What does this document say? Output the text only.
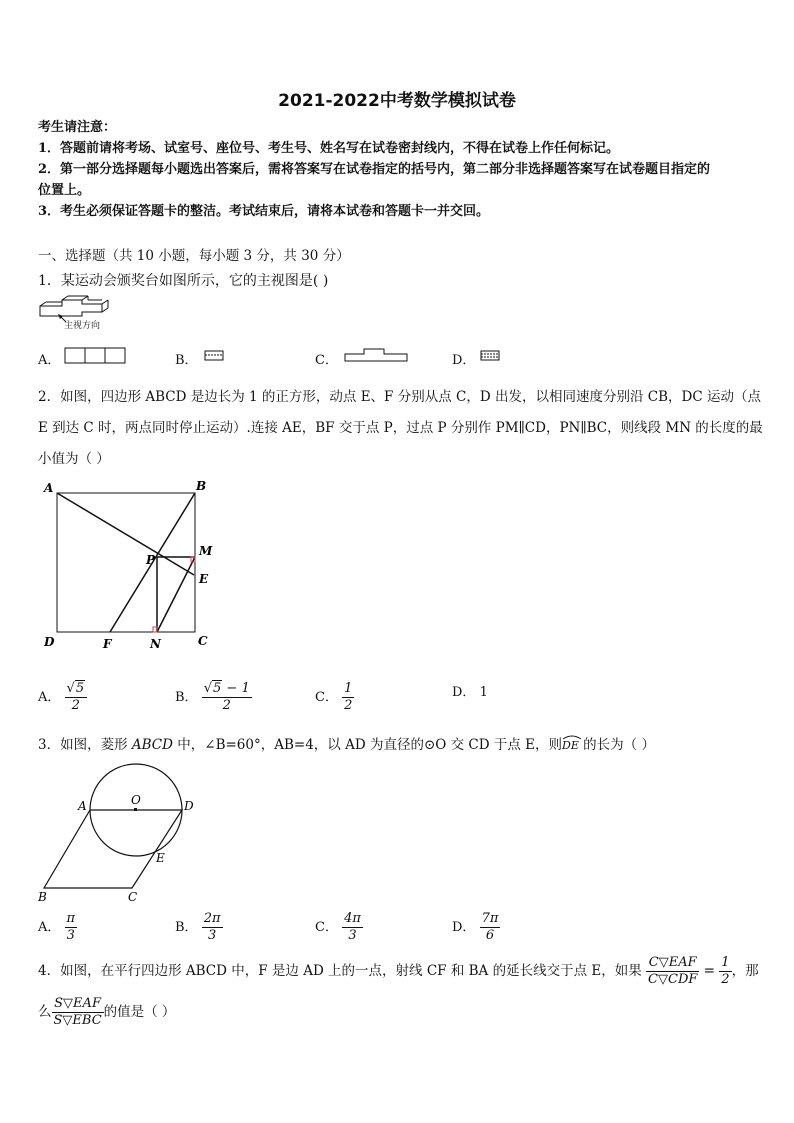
2021-2022中考数学模拟试卷
考生请注意：
1．答题前请将考场、试室号、座位号、考生号、姓名写在试卷密封线内，不得在试卷上作任何标记。
2．第一部分选择题每小题选出答案后，需将答案写在试卷指定的括号内，第二部分非选择题答案写在试卷题目指定的
位置上。
3．考生必须保证答题卡的整洁。考试结束后，请将本试卷和答题卡一并交回。
一、选择题（共 10 小题，每小题 3 分，共 30 分）
1．某运动会颁奖台如图所示，它的主视图是( )
主视方向
A．	B．	C．	D．
2．如图，四边形 ABCD 是边长为 1 的正方形，动点 E、F 分别从点 C，D 出发，以相同速度分别沿 CB，DC 运动（点
E 到达 C 时，两点同时停止运动）.连接 AE，BF 交于点 P，过点 P 分别作 PM∥CD，PN∥BC，则线段 MN 的长度的最
小值为（ ）
A	B
P
M
E
D	F	N	C
A． $\frac{√5}{2}$	B． $\frac{√5 - 1}{2}$	C． $\frac{1}{2}$	D． 1
3．如图，菱形 ABCD 中，∠B=60°，AB=4，以 AD 为直径的⊙O 交 CD 于点 E，则DE
的长为（ ）
A	O	D
E
B	C
A． $\frac{\pi}{3}$	B． $\frac{2\pi}{3}$	C． $\frac{4\pi}{3}$	D． $\frac{7\pi}{6}$
4．如图，在平行四边形 ABCD 中，F 是边 AD 上的一点，射线 CF 和 BA 的延长线交于点 E，如果 $\frac{\text{C▽EAF}}{\text{C▽CDF}} = \frac{1}{2}$ ，那
么 $\frac{\text{S▽EAF}}{\text{S▽EBC}}$ 的值是（ ）
